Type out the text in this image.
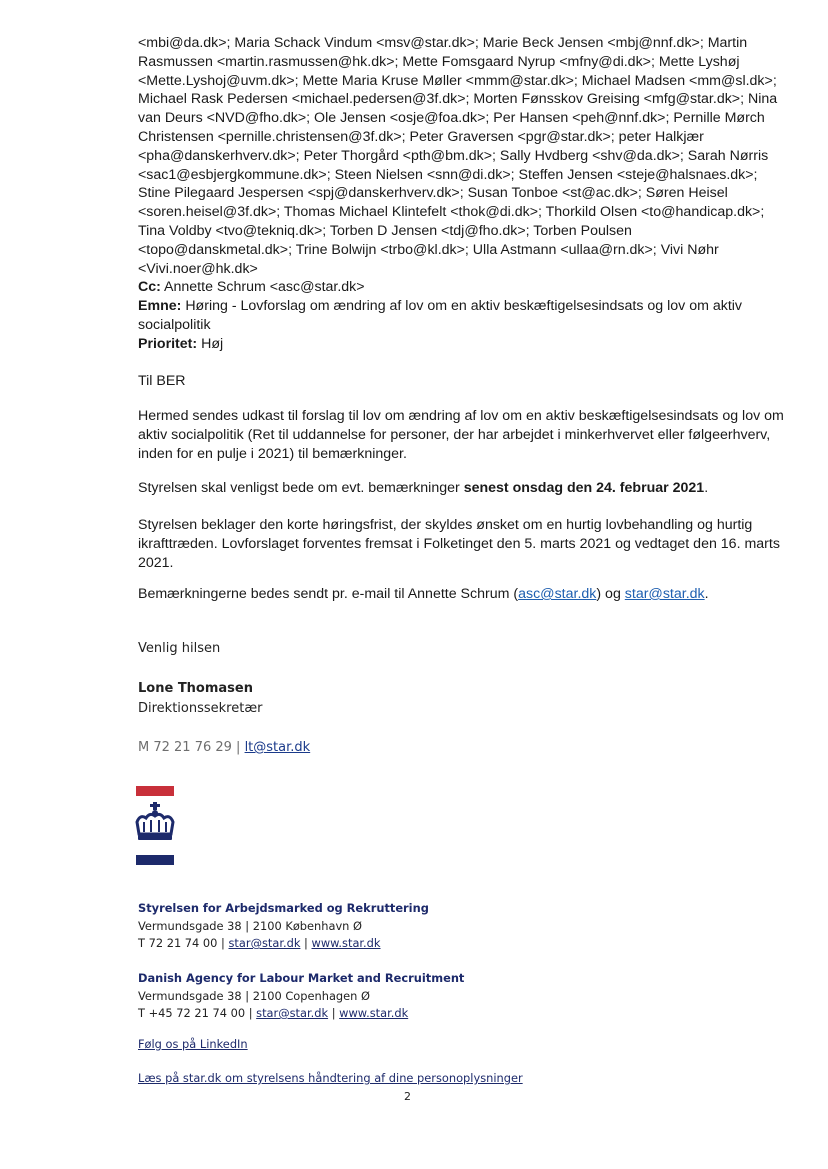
<mbi@da.dk>; Maria Schack Vindum <msv@star.dk>; Marie Beck Jensen <mbj@nnf.dk>; Martin Rasmussen <martin.rasmussen@hk.dk>; Mette Fomsgaard Nyrup <mfny@di.dk>; Mette Lyshøj <Mette.Lyshoj@uvm.dk>; Mette Maria Kruse Møller <mmm@star.dk>; Michael Madsen <mm@sl.dk>; Michael Rask Pedersen <michael.pedersen@3f.dk>; Morten Fønsskov Greising <mfg@star.dk>; Nina van Deurs <NVD@fho.dk>; Ole Jensen <osje@foa.dk>; Per Hansen <peh@nnf.dk>; Pernille Mørch Christensen <pernille.christensen@3f.dk>; Peter Graversen <pgr@star.dk>; peter Halkjær <pha@danskerhverv.dk>; Peter Thorgård <pth@bm.dk>; Sally Hvdberg <shv@da.dk>; Sarah Nørris <sac1@esbjergkommune.dk>; Steen Nielsen <snn@di.dk>; Steffen Jensen <steje@halsnaes.dk>; Stine Pilegaard Jespersen <spj@danskerhverv.dk>; Susan Tonboe <st@ac.dk>; Søren Heisel <soren.heisel@3f.dk>; Thomas Michael Klintefelt <thok@di.dk>; Thorkild Olsen <to@handicap.dk>; Tina Voldby <tvo@tekniq.dk>; Torben D Jensen <tdj@fho.dk>; Torben Poulsen <topo@danskmetal.dk>; Trine Bolwijn <trbo@kl.dk>; Ulla Astmann <ullaa@rn.dk>; Vivi Nøhr <Vivi.noer@hk.dk>

Cc: Annette Schrum <asc@star.dk>

Emne: Høring - Lovforslag om ændring af lov om en aktiv beskæftigelsesindsats og lov om aktiv socialpolitik

Prioritet: Høj

Til BER

Hermed sendes udkast til forslag til lov om ændring af lov om en aktiv beskæftigelsesindsats og lov om aktiv socialpolitik (Ret til uddannelse for personer, der har arbejdet i minkerhvervet eller følgeerhverv, inden for en pulje i 2021) til bemærkninger.

Styrelsen skal venligst bede om evt. bemærkninger senest onsdag den 24. februar 2021.

Styrelsen beklager den korte høringsfrist, der skyldes ønsket om en hurtig lovbehandling og hurtig ikrafttræden. Lovforslaget forventes fremsat i Folketinget den 5. marts 2021 og vedtaget den 16. marts 2021.

Bemærkningerne bedes sendt pr. e-mail til Annette Schrum (asc@star.dk) og star@star.dk.

Venlig hilsen
Lone Thomasen
Direktionssekretær
M 72 21 76 29 | lt@star.dk
Styrelsen for Arbejdsmarked og Rekruttering
Vermundsgade 38 | 2100 København Ø
T 72 21 74 00 | star@star.dk | www.star.dk
Danish Agency for Labour Market and Recruitment
Vermundsgade 38 | 2100 Copenhagen Ø
T +45 72 21 74 00 | star@star.dk | www.star.dk
Følg os på LinkedIn
Læs på star.dk om styrelsens håndtering af dine personoplysninger
2
